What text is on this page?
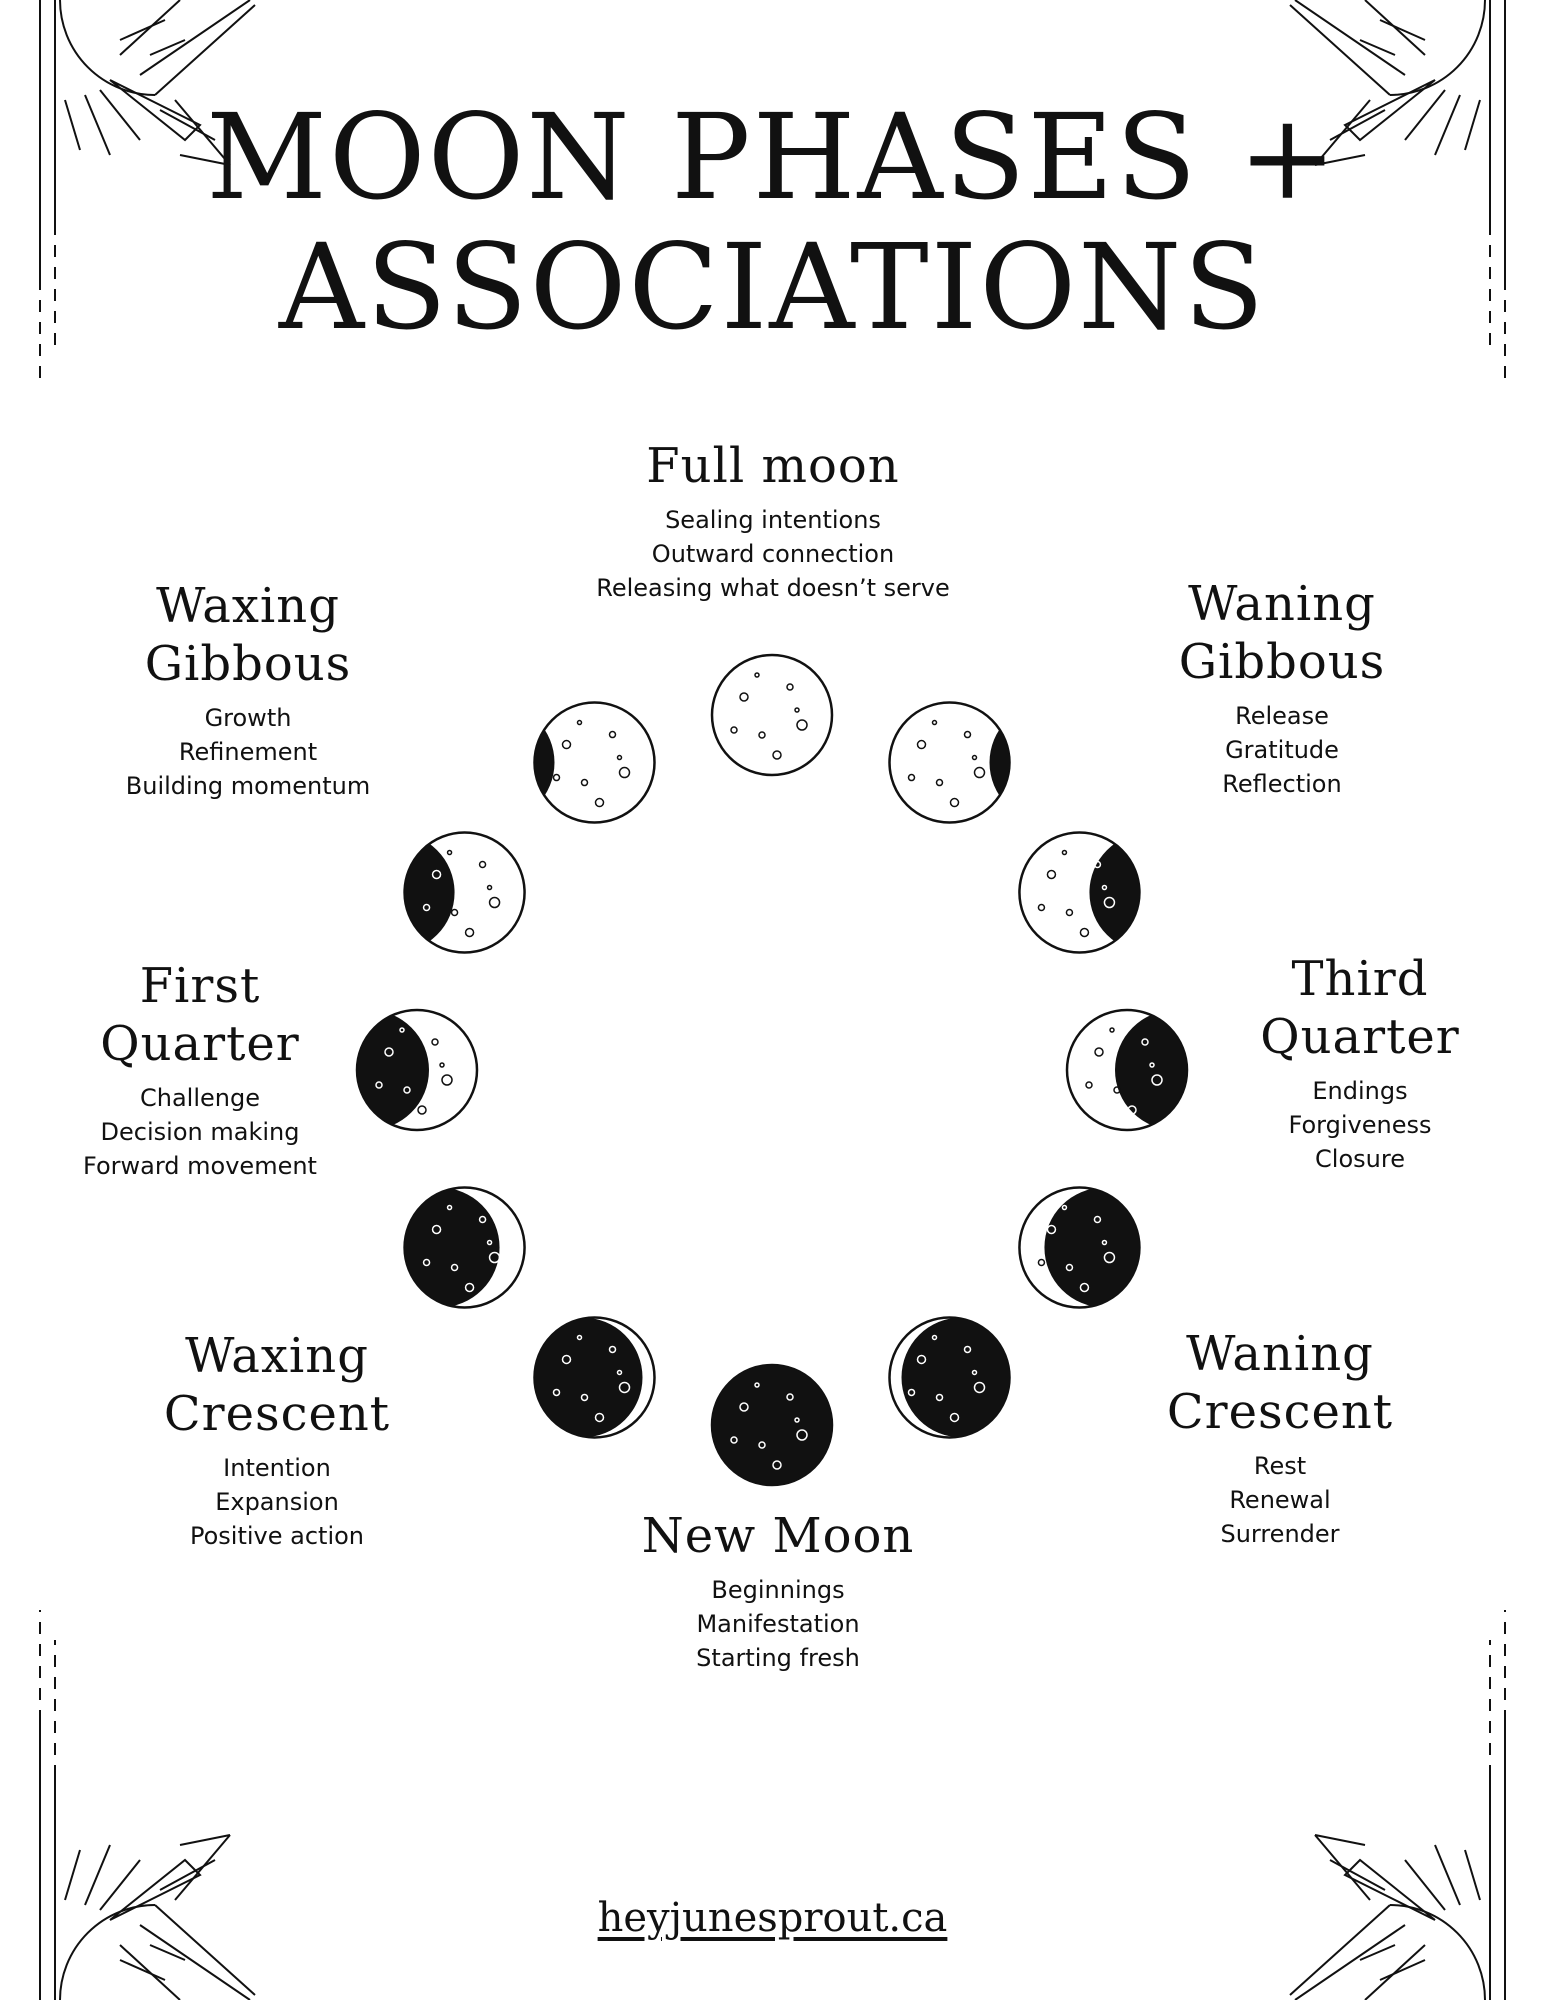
MOON PHASES +
ASSOCIATIONS
Full moon
Sealing intentions
Outward connection
Releasing what doesn’t serve
Waxing
Gibbous
Growth
Refinement
Building momentum
Waning
Gibbous
Release
Gratitude
Reflection
First
Quarter
Challenge
Decision making
Forward movement
Third
Quarter
Endings
Forgiveness
Closure
Waxing
Crescent
Intention
Expansion
Positive action
Waning
Crescent
Rest
Renewal
Surrender
New Moon
Beginnings
Manifestation
Starting fresh
heyjunesprout.ca
